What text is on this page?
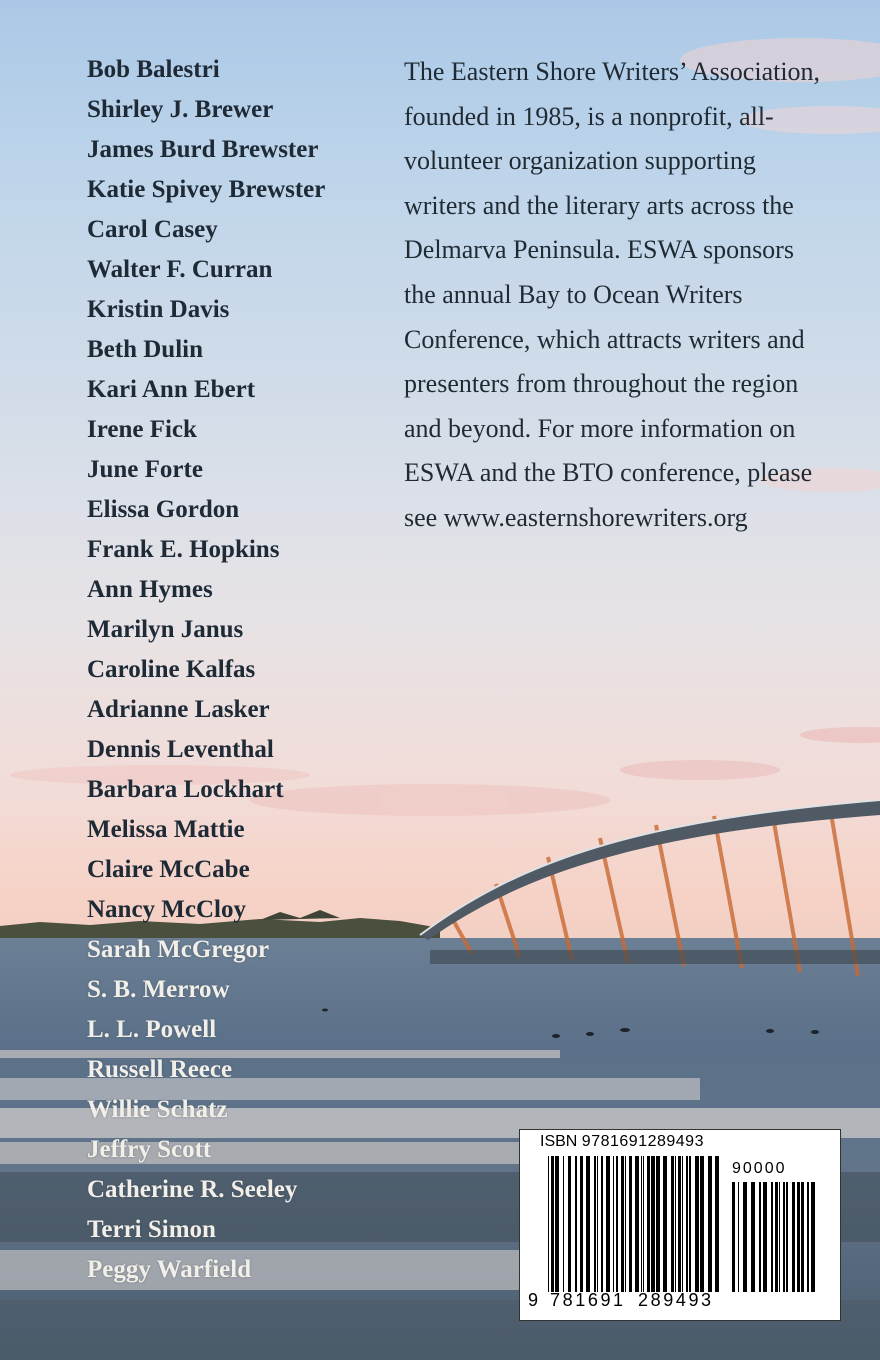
Bob Balestri
Shirley J. Brewer
James Burd Brewster
Katie Spivey Brewster
Carol Casey
Walter F. Curran
Kristin Davis
Beth Dulin
Kari Ann Ebert
Irene Fick
June Forte
Elissa Gordon
Frank E. Hopkins
Ann Hymes
Marilyn Janus
Caroline Kalfas
Adrianne Lasker
Dennis Leventhal
Barbara Lockhart
Melissa Mattie
Claire McCabe
Nancy McCloy
Sarah McGregor
S. B. Merrow
L. L. Powell
Russell Reece
Willie Schatz
Jeffry Scott
Catherine R. Seeley
Terri Simon
Peggy Warfield

The Eastern Shore Writers’ Association, founded in 1985, is a nonprofit, all-volunteer organization supporting writers and the literary arts across the Delmarva Peninsula. ESWA sponsors the annual Bay to Ocean Writers Conference, which attracts writers and presenters from throughout the region and beyond. For more information on ESWA and the BTO conference, please see www.easternshorewriters.org

ISBN 9781691289493
90000
9 781691 289493
